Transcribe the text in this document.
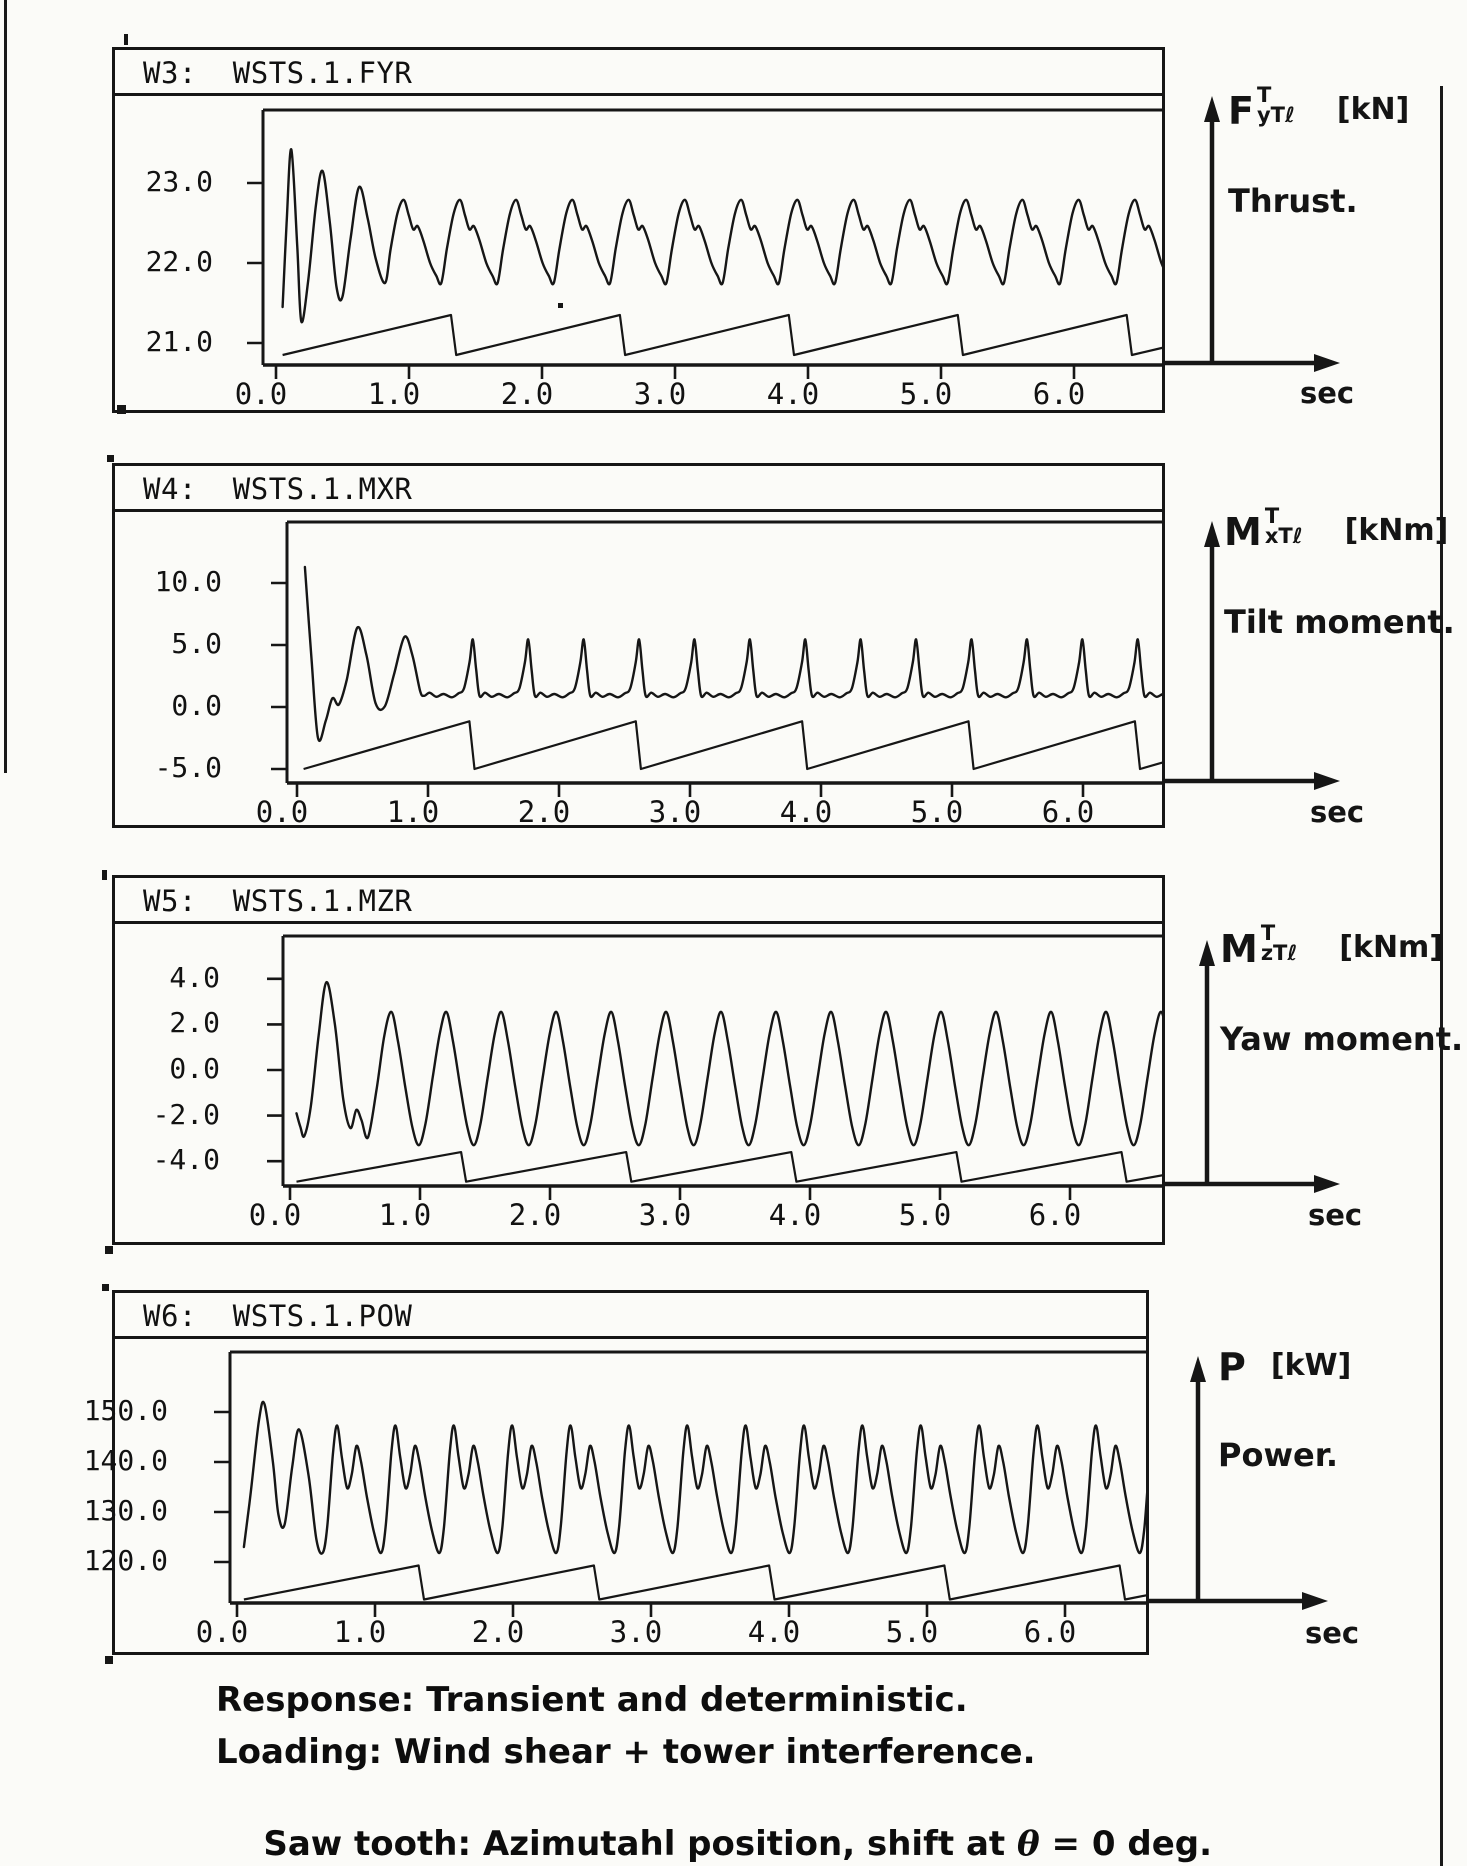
W3:  WSTS.1.FYR
W4:  WSTS.1.MXR
W5:  WSTS.1.MZR
W6:  WSTS.1.POW
F T
yTℓ [kN]
Thrust.
sec
M T
xTℓ [kNm]
Tilt moment.
sec
M T
zTℓ [kNm]
Yaw moment.
sec
P [kW]
Power.
sec
Response: Transient and deterministic.
Loading: Wind shear + tower interference.

Saw tooth: Azimutahl position, shift at θ = 0 deg.

23.0
22.0
21.0
0.0	1.0	2.0	3.0	4.0	5.0	6.0
10.0
5.0
0.0
-5.0
0.0	1.0	2.0	3.0	4.0	5.0	6.0
4.0
2.0
0.0
-2.0
-4.0
0.0	1.0	2.0	3.0	4.0	5.0	6.0
150.0
140.0
130.0
120.0
0.0	1.0	2.0	3.0	4.0	5.0	6.0
